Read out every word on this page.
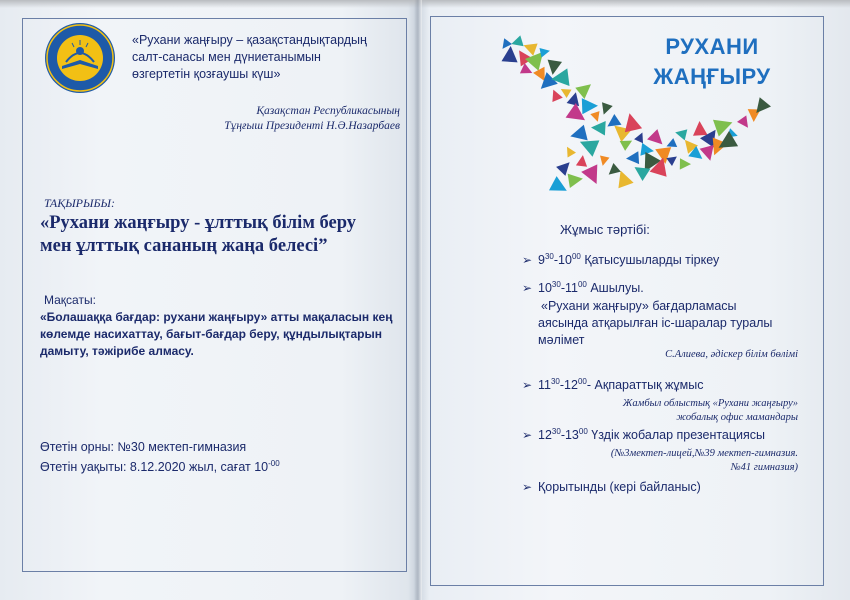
«Рухани жаңғыру – қазақстандықтардың
салт-санасы мен дүниетанымын
өзгертетін қозғаушы күш»
Қазақстан Республикасының
Тұңғыш Президенті Н.Ә.Назарбаев
ТАҚЫРЫБЫ:
«Рухани жаңғыру - ұлттық білім беру
мен ұлттық сананың жаңа белесі”
Мақсаты:
«Болашаққа бағдар: рухани жаңғыру» атты мақаласын кең көлемде насихаттау, бағыт-бағдар беру, құндылықтарын дамыту, тәжірибе алмасу.
Өтетін орны: №30 мектеп-гимназия
Өтетін уақыты: 8.12.2020 жыл, сағат $10^{-00}$
РУХАНИ
ЖАҢҒЫРУ
Жұмыс тәртібі:
➢ $9^{30}-10^{00}$ Қатысушыларды тіркеу
➢ $10^{30}-11^{00}$ Ашылуы.
«Рухани жаңғыру» бағдарламасы
аясында атқарылған іс-шаралар туралы
мәлімет
С.Алиева, әдіскер білім бөлімі
➢ $11^{30}-12^{00}-$ Ақпараттық жұмыс
Жамбыл облыстық «Рухани жаңғыру»
жобалық офис мамандары
➢ $12^{30}-13^{00}$ Үздік жобалар презентациясы
(№3мектеп-лицей,№39 мектеп-гимназия.
№41 гимназия)
➢ Қорытынды (кері байланыс)
